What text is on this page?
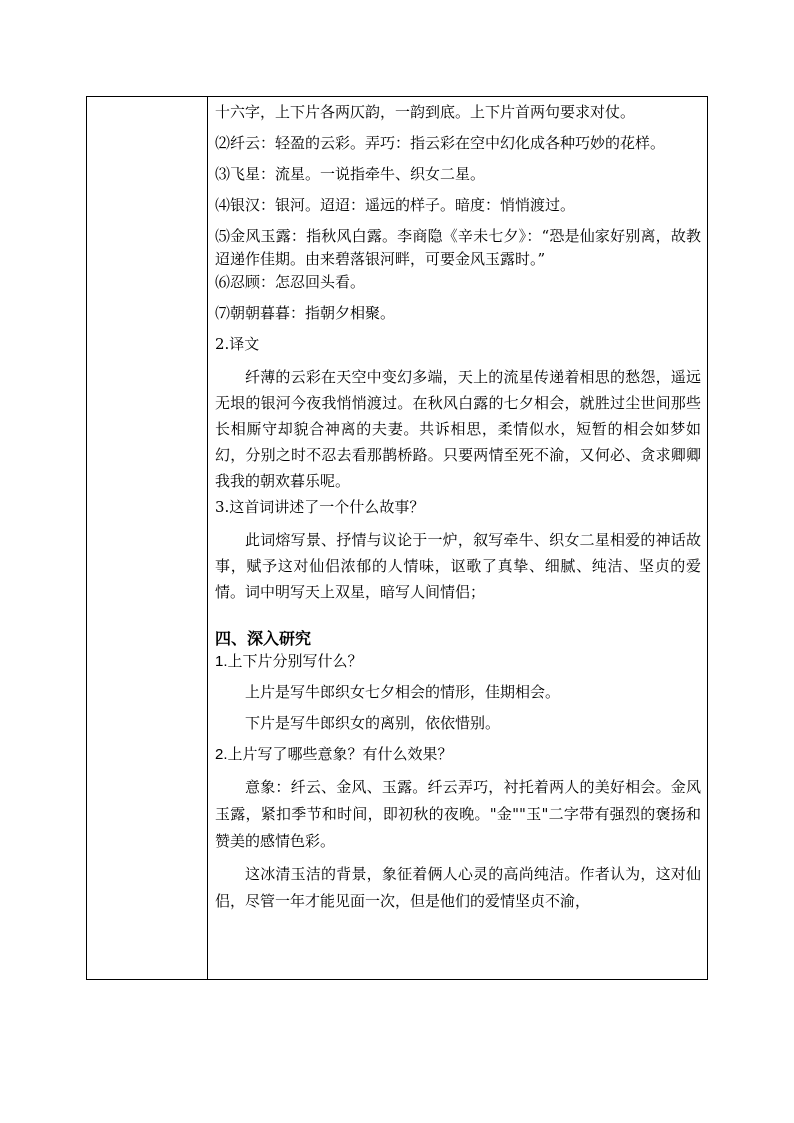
十六字，上下片各两仄韵，一韵到底。上下片首两句要求对仗。

⑵纤云：轻盈的云彩。弄巧：指云彩在空中幻化成各种巧妙的花样。

⑶飞星：流星。一说指牵牛、织女二星。

⑷银汉：银河。迢迢：遥远的样子。暗度：悄悄渡过。

⑸金风玉露：指秋风白露。李商隐《辛未七夕》：“恐是仙家好别离，故教迢递作佳期。由来碧落银河畔，可要金风玉露时。”

⑹忍顾：怎忍回头看。

⑺朝朝暮暮：指朝夕相聚。

2.译文

纤薄的云彩在天空中变幻多端，天上的流星传递着相思的愁怨，遥远无垠的银河今夜我悄悄渡过。在秋风白露的七夕相会，就胜过尘世间那些长相厮守却貌合神离的夫妻。共诉相思，柔情似水，短暂的相会如梦如幻，分别之时不忍去看那鹊桥路。只要两情至死不渝，又何必、贪求卿卿我我的朝欢暮乐呢。

3.这首词讲述了一个什么故事？

此词熔写景、抒情与议论于一炉，叙写牵牛、织女二星相爱的神话故事，赋予这对仙侣浓郁的人情味，讴歌了真挚、细腻、纯洁、坚贞的爱情。词中明写天上双星，暗写人间情侣；

四、深入研究

1.上下片分别写什么？

上片是写牛郎织女七夕相会的情形，佳期相会。

下片是写牛郎织女的离别，依依惜别。

2.上片写了哪些意象？有什么效果？

意象：纤云、金风、玉露。纤云弄巧，衬托着两人的美好相会。金风玉露，紧扣季节和时间，即初秋的夜晚。"金""玉"二字带有强烈的褒扬和赞美的感情色彩。

这冰清玉洁的背景，象征着俩人心灵的高尚纯洁。作者认为，这对仙侣，尽管一年才能见面一次，但是他们的爱情坚贞不渝，
